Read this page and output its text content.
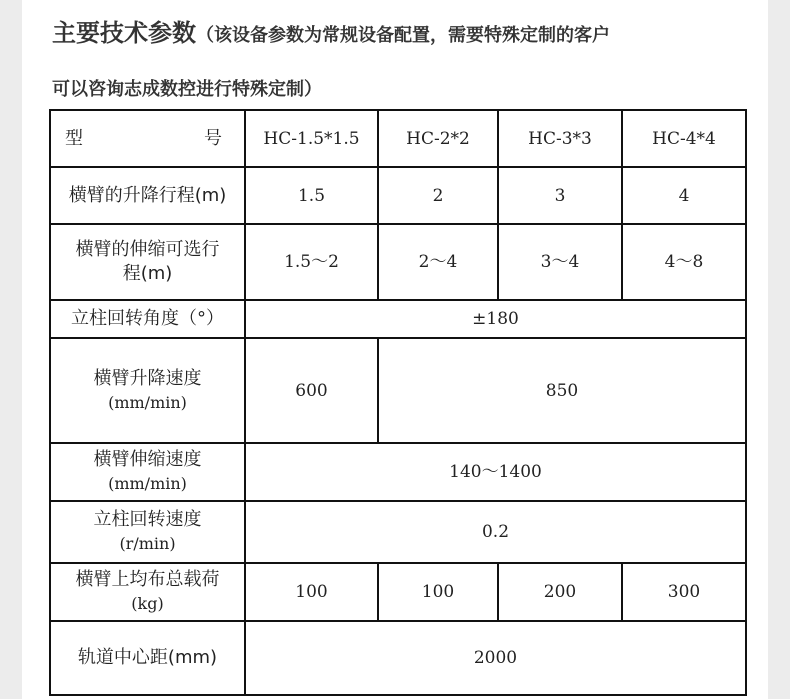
主要技术参数（该设备参数为常规设备配置，需要特殊定制的客户
可以咨询志成数控进行特殊定制）
型 号	HC-1.5*1.5	HC-2*2	HC-3*3	HC-4*4
横臂的升降行程(m)	1.5	2	3	4
横臂的伸缩可选行
程(m)	1.5～2	2～4	3～4	4～8
立柱回转角度（°）	±180			
横臂升降速度
(mm/min)	600	850		
横臂伸缩速度
(mm/min)	140～1400			
立柱回转速度
(r/min)	0.2			
横臂上均布总载荷
(kg)	100	100	200	300
轨道中心距(mm)	2000			
